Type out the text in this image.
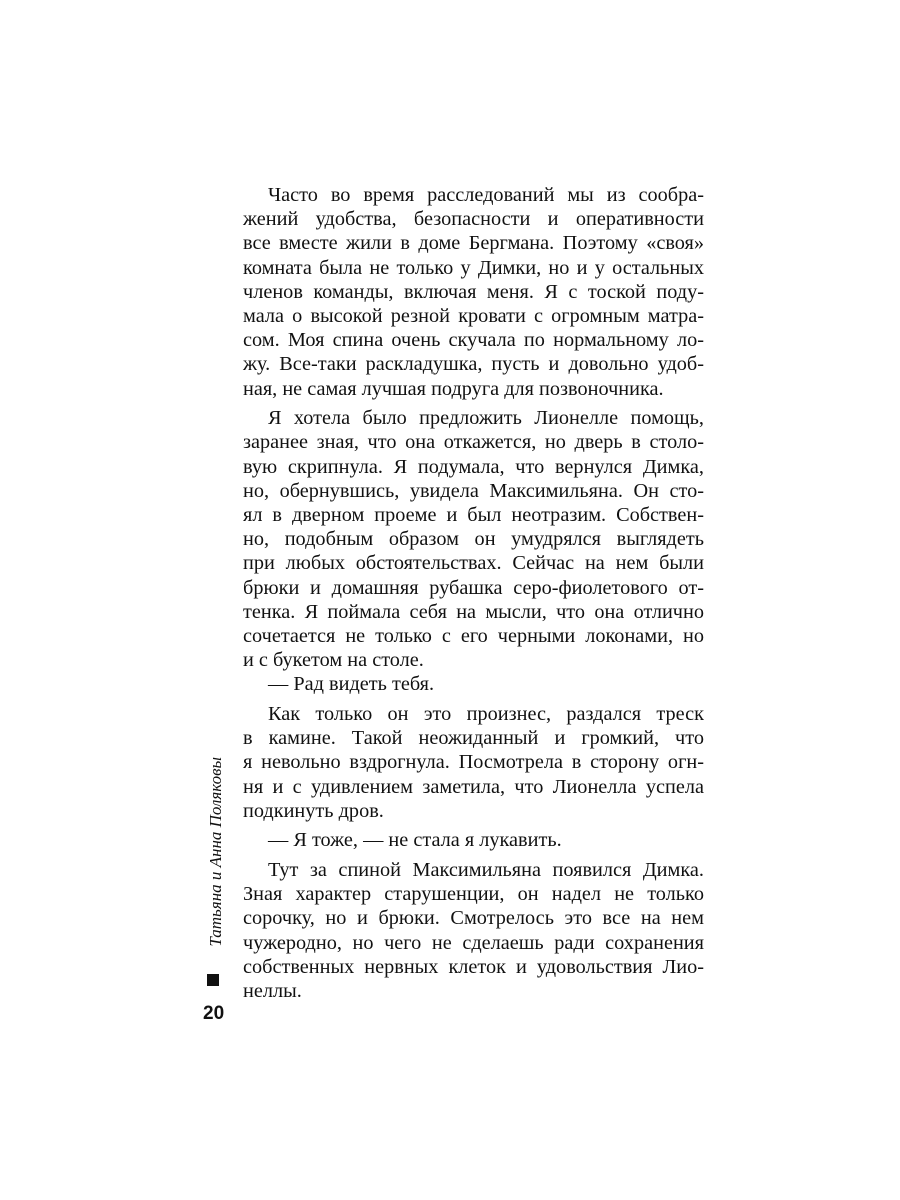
Часто во время расследований мы из сообра-
жений удобства, безопасности и оперативности
все вместе жили в доме Бергмана. Поэтому «своя»
комната была не только у Димки, но и у остальных
членов команды, включая меня. Я с тоской поду-
мала о высокой резной кровати с огромным матра-
сом. Моя спина очень скучала по нормальному ло-
жу. Все-таки раскладушка, пусть и довольно удоб-
ная, не самая лучшая подруга для позвоночника.
Я хотела было предложить Лионелле помощь,
заранее зная, что она откажется, но дверь в столо-
вую скрипнула. Я подумала, что вернулся Димка,
но, обернувшись, увидела Максимильяна. Он сто-
ял в дверном проеме и был неотразим. Собствен-
но, подобным образом он умудрялся выглядеть
при любых обстоятельствах. Сейчас на нем были
брюки и домашняя рубашка серо-фиолетового от-
тенка. Я поймала себя на мысли, что она отлично
сочетается не только с его черными локонами, но
и с букетом на столе.
— Рад видеть тебя.
Как только он это произнес, раздался треск
в камине. Такой неожиданный и громкий, что
я невольно вздрогнула. Посмотрела в сторону огн-
ня и с удивлением заметила, что Лионелла успела
подкинуть дров.
— Я тоже, — не стала я лукавить.
Тут за спиной Максимильяна появился Димка.
Зная характер старушенции, он надел не только
сорочку, но и брюки. Смотрелось это все на нем
чужеродно, но чего не сделаешь ради сохранения
собственных нервных клеток и удовольствия Лио-
неллы.
Татьяна и Анна Поляковы
20
